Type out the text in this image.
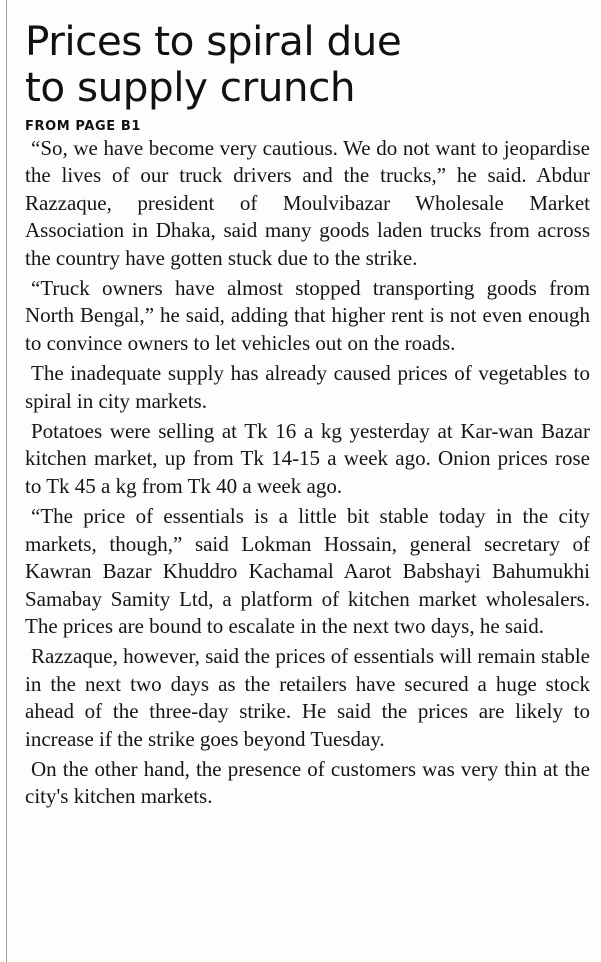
Prices to spiral due
to supply crunch
FROM PAGE B1

“So, we have become very cautious. We do not want to jeopardise the lives of our truck drivers and the trucks,” he said. Abdur Razzaque, president of Moulvibazar Wholesale Market Association in Dhaka, said many goods laden trucks from across the country have gotten stuck due to the strike.

“Truck owners have almost stopped transporting goods from North Bengal,” he said, adding that higher rent is not even enough to convince owners to let vehicles out on the roads.

The inadequate supply has already caused prices of vegetables to spiral in city markets.

Potatoes were selling at Tk 16 a kg yesterday at Kar-wan Bazar kitchen market, up from Tk 14-15 a week ago. Onion prices rose to Tk 45 a kg from Tk 40 a week ago.

“The price of essentials is a little bit stable today in the city markets, though,” said Lokman Hossain, general secretary of Kawran Bazar Khuddro Kachamal Aarot Babshayi Bahumukhi Samabay Samity Ltd, a platform of kitchen market wholesalers. The prices are bound to escalate in the next two days, he said.

Razzaque, however, said the prices of essentials will remain stable in the next two days as the retailers have secured a huge stock ahead of the three-day strike. He said the prices are likely to increase if the strike goes beyond Tuesday.

On the other hand, the presence of customers was very thin at the city's kitchen markets.
